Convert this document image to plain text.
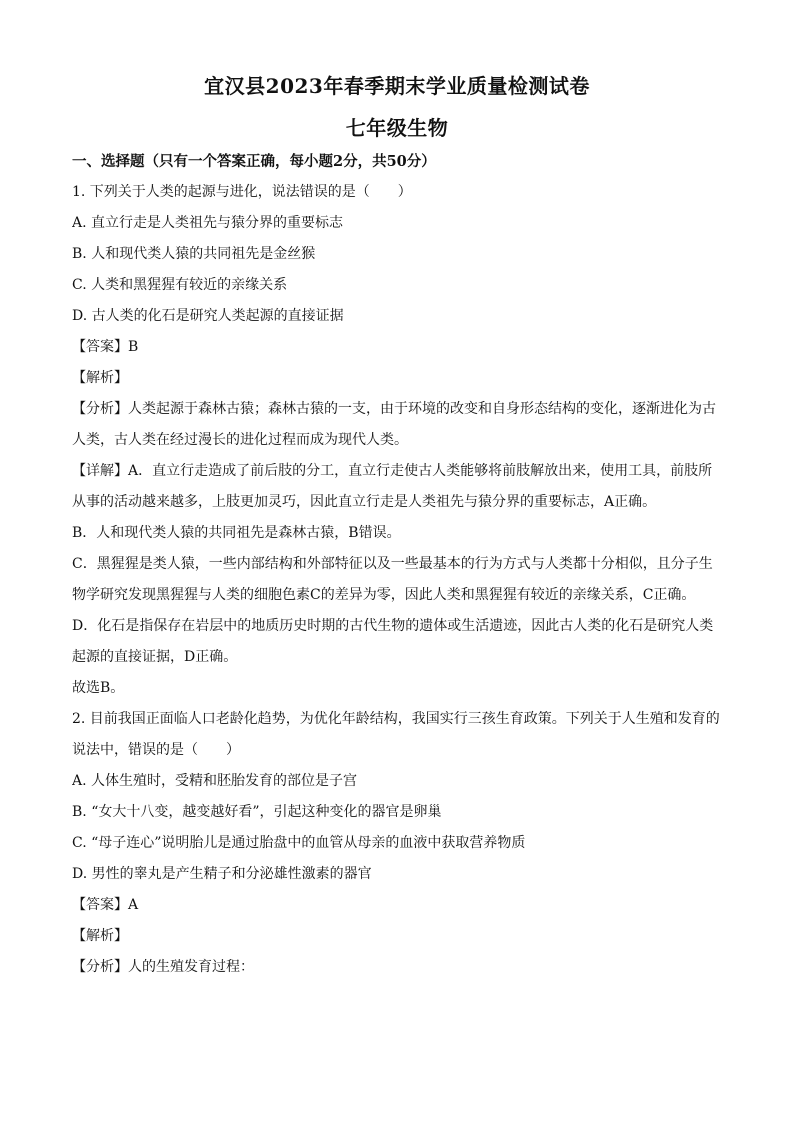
宜汉县2023年春季期末学业质量检测试卷
七年级生物
一、选择题（只有一个答案正确，每小题2分，共50分）
1. 下列关于人类的起源与进化，说法错误的是（　　）
A. 直立行走是人类祖先与猿分界的重要标志
B. 人和现代类人猿的共同祖先是金丝猴
C. 人类和黑猩猩有较近的亲缘关系
D. 古人类的化石是研究人类起源的直接证据
【答案】B
【解析】
【分析】人类起源于森林古猿；森林古猿的一支，由于环境的改变和自身形态结构的变化，逐渐进化为古
人类，古人类在经过漫长的进化过程而成为现代人类。
【详解】A．直立行走造成了前后肢的分工，直立行走使古人类能够将前肢解放出来，使用工具，前肢所
从事的活动越来越多，上肢更加灵巧，因此直立行走是人类祖先与猿分界的重要标志，A正确。
B．人和现代类人猿的共同祖先是森林古猿，B错误。
C．黑猩猩是类人猿，一些内部结构和外部特征以及一些最基本的行为方式与人类都十分相似，且分子生
物学研究发现黑猩猩与人类的细胞色素C的差异为零，因此人类和黑猩猩有较近的亲缘关系，C正确。
D．化石是指保存在岩层中的地质历史时期的古代生物的遗体或生活遗迹，因此古人类的化石是研究人类
起源的直接证据，D正确。
故选B。
2. 目前我国正面临人口老龄化趋势，为优化年龄结构，我国实行三孩生育政策。下列关于人生殖和发育的
说法中，错误的是（　　）
A. 人体生殖时，受精和胚胎发育的部位是子宫
B. “女大十八变，越变越好看”，引起这种变化的器官是卵巢
C. “母子连心”说明胎儿是通过胎盘中的血管从母亲的血液中获取营养物质
D. 男性的睾丸是产生精子和分泌雄性激素的器官
【答案】A
【解析】
【分析】人的生殖发育过程：
